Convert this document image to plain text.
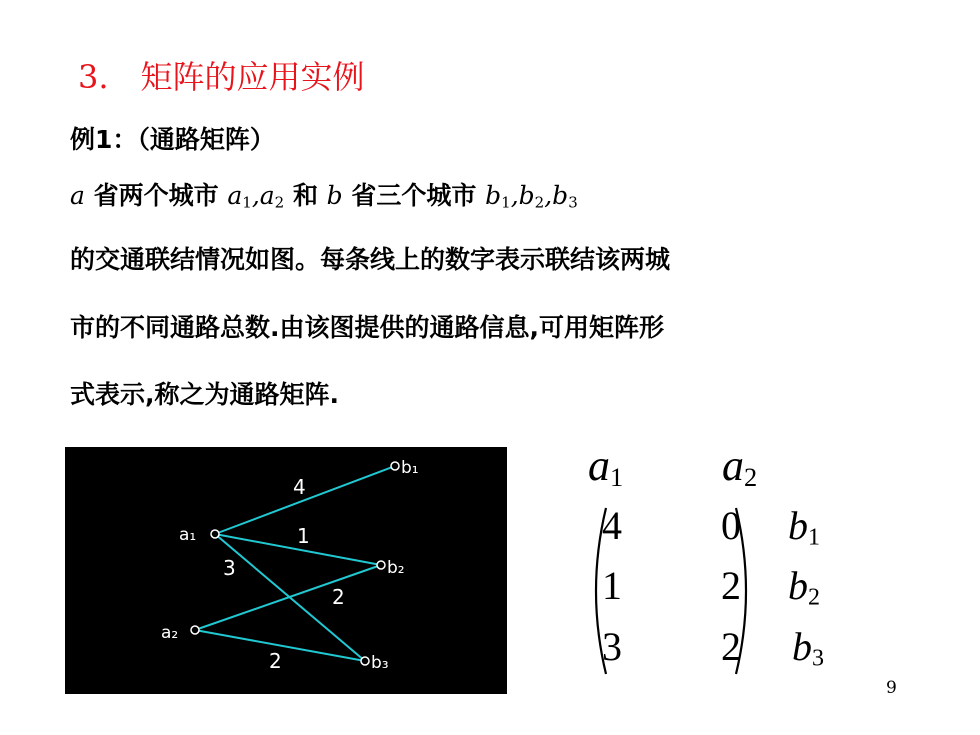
3. 矩阵的应用实例
例1：（通路矩阵）
a 省两个城市 a1,a2 和 b 省三个城市 b1,b2,b3
的交通联结情况如图。每条线上的数字表示联结该两城
市的不同通路总数.由该图提供的通路信息,可用矩阵形
式表示,称之为通路矩阵.
a₁
a₂
b₁
b₂
b₃
4
1
3
2
2
a1 a2
4 0
1 2
3 2
b1
b2
b3
9
